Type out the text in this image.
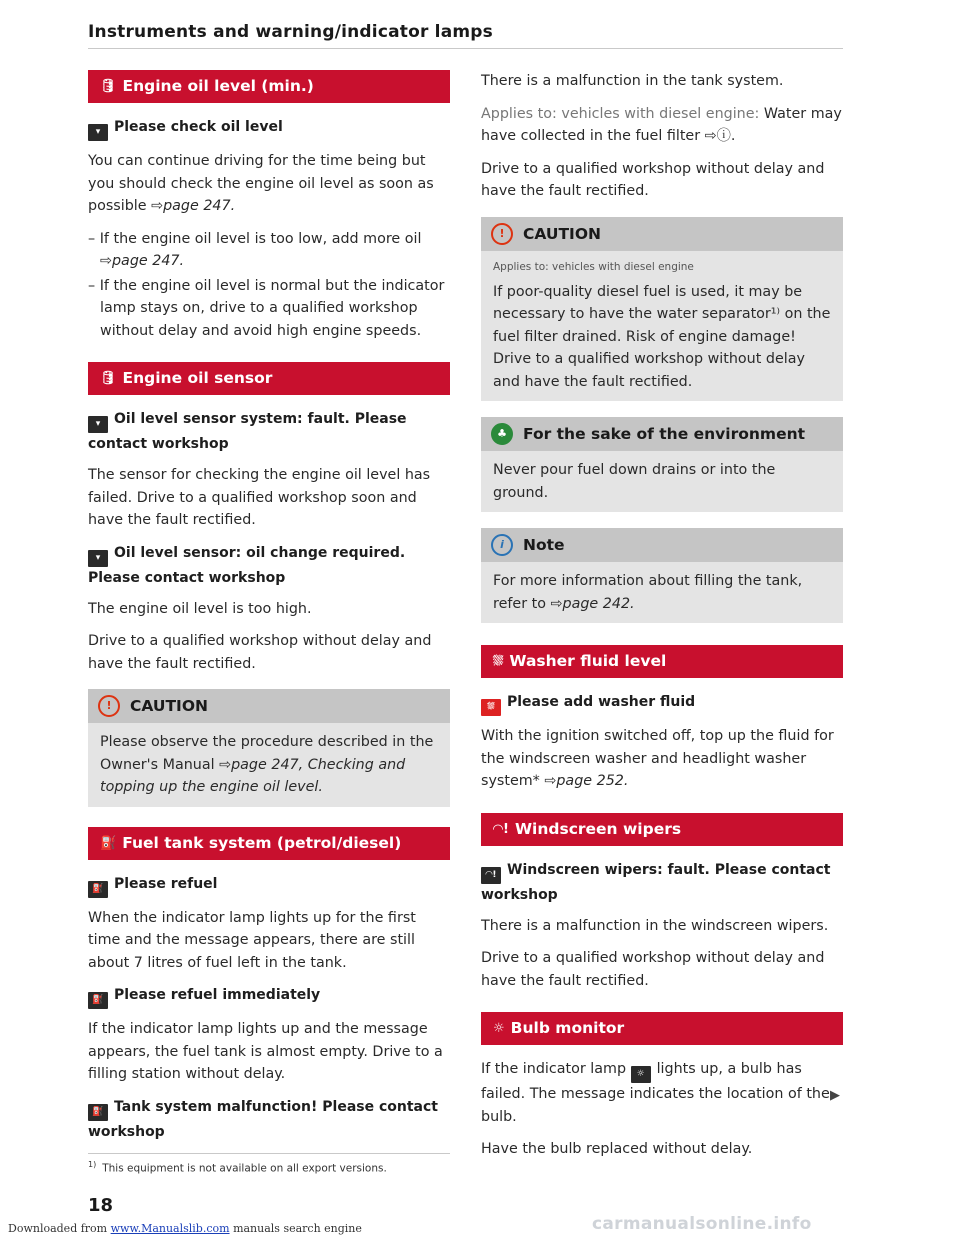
Instruments and warning/indicator lamps
🛢 Engine oil level (min.)
▾ Please check oil level

You can continue driving for the time being but you should check the engine oil level as soon as possible ⇨page 247.

– If the engine oil level is too low, add more oil ⇨page 247.
– If the engine oil level is normal but the indicator lamp stays on, drive to a qualified workshop without delay and avoid high engine speeds.
🛢 Engine oil sensor
▾ Oil level sensor system: fault. Please contact workshop

The sensor for checking the engine oil level has failed. Drive to a qualified workshop soon and have the fault rectified.

▾ Oil level sensor: oil change required. Please contact workshop

The engine oil level is too high.

Drive to a qualified workshop without delay and have the fault rectified.

!	CAUTION

Please observe the procedure described in the Owner's Manual ⇨page 247, Checking and topping up the engine oil level.

⛽ Fuel tank system (petrol/diesel)
⛽ Please refuel

When the indicator lamp lights up for the first time and the message appears, there are still about 7 litres of fuel left in the tank.

⛽ Please refuel immediately

If the indicator lamp lights up and the message appears, the fuel tank is almost empty. Drive to a filling station without delay.

⛽ Tank system malfunction! Please contact workshop

There is a malfunction in the tank system.

Applies to: vehicles with diesel engine: Water may have collected in the fuel filter ⇨ⓘ.

Drive to a qualified workshop without delay and have the fault rectified.

!	CAUTION
Applies to: vehicles with diesel engine

If poor-quality diesel fuel is used, it may be necessary to have the water separator¹⁾ on the fuel filter drained. Risk of engine damage! Drive to a qualified workshop without delay and have the fault rectified.

♣	For the sake of the environment

Never pour fuel down drains or into the ground.

i	Note

For more information about filling the tank, refer to ⇨page 242.

⛆ Washer fluid level
⛆ Please add washer fluid

With the ignition switched off, top up the fluid for the windscreen washer and headlight washer system* ⇨page 252.

◠! Windscreen wipers
◠! Windscreen wipers: fault. Please contact workshop

There is a malfunction in the windscreen wipers.

Drive to a qualified workshop without delay and have the fault rectified.

☼ Bulb monitor

If the indicator lamp ☼ lights up, a bulb has failed. The message indicates the location of the bulb.

Have the bulb replaced without delay.

▶
$^{1)}$ This equipment is not available on all export versions.
18
Downloaded from www.Manualslib.com manuals search engine	carmanualsonline.info
